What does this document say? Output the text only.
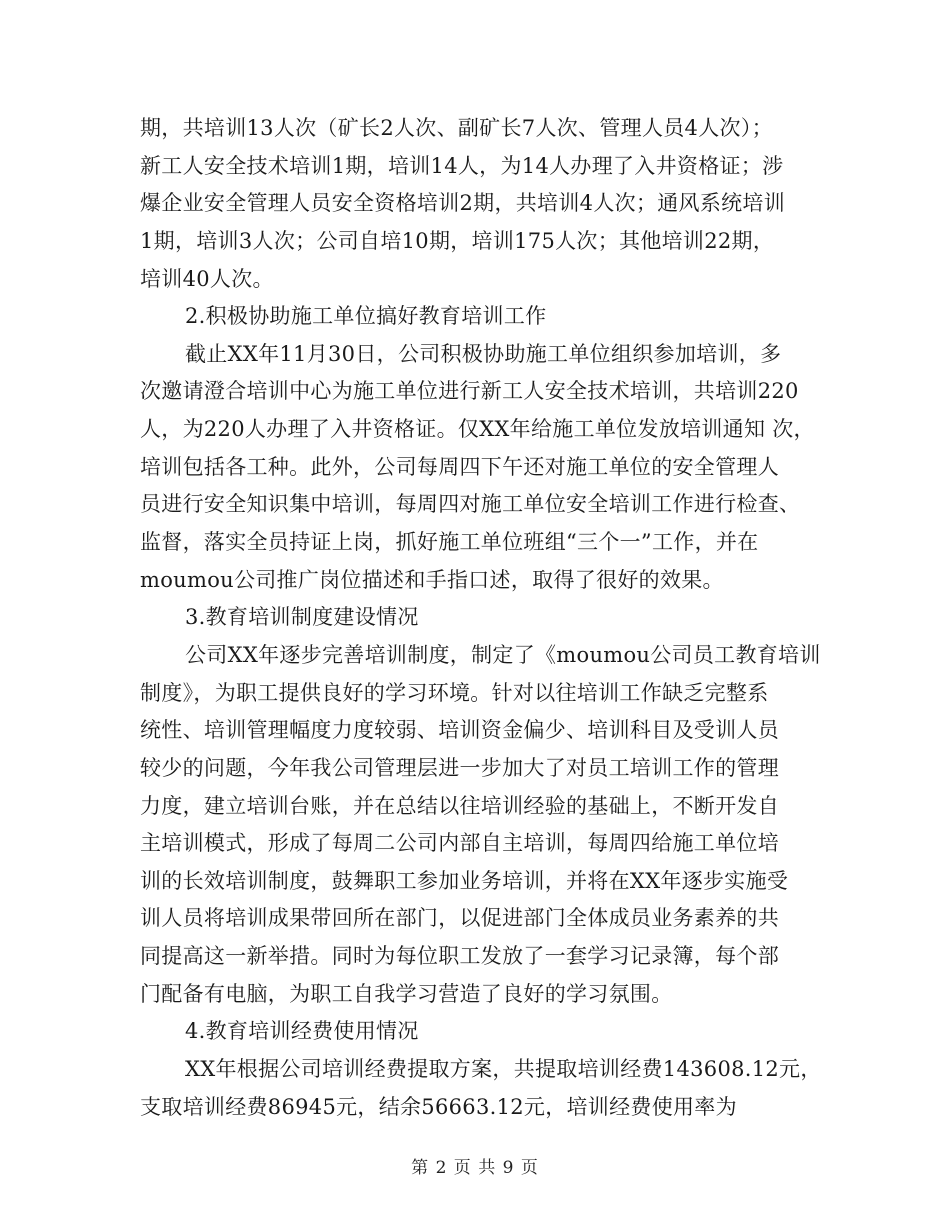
期，共培训13人次（矿长2人次、副矿长7人次、管理人员4人次）；
新工人安全技术培训1期，培训14人，为14人办理了入井资格证；涉
爆企业安全管理人员安全资格培训2期，共培训4人次；通风系统培训
1期，培训3人次；公司自培10期，培训175人次；其他培训22期，
培训40人次。
2.积极协助施工单位搞好教育培训工作
截止XX年11月30日，公司积极协助施工单位组织参加培训，多
次邀请澄合培训中心为施工单位进行新工人安全技术培训，共培训220
人，为220人办理了入井资格证。仅XX年给施工单位发放培训通知 次，
培训包括各工种。此外，公司每周四下午还对施工单位的安全管理人
员进行安全知识集中培训，每周四对施工单位安全培训工作进行检查、
监督，落实全员持证上岗，抓好施工单位班组“三个一”工作，并在
moumou公司推广岗位描述和手指口述，取得了很好的效果。
3.教育培训制度建设情况
公司XX年逐步完善培训制度，制定了《moumou公司员工教育培训
制度》，为职工提供良好的学习环境。针对以往培训工作缺乏完整系
统性、培训管理幅度力度较弱、培训资金偏少、培训科目及受训人员
较少的问题，今年我公司管理层进一步加大了对员工培训工作的管理
力度，建立培训台账，并在总结以往培训经验的基础上，不断开发自
主培训模式，形成了每周二公司内部自主培训，每周四给施工单位培
训的长效培训制度，鼓舞职工参加业务培训，并将在XX年逐步实施受
训人员将培训成果带回所在部门，以促进部门全体成员业务素养的共
同提高这一新举措。同时为每位职工发放了一套学习记录簿，每个部
门配备有电脑，为职工自我学习营造了良好的学习氛围。
4.教育培训经费使用情况
XX年根据公司培训经费提取方案，共提取培训经费143608.12元，
支取培训经费86945元，结余56663.12元，培训经费使用率为
第 2 页 共 9 页
